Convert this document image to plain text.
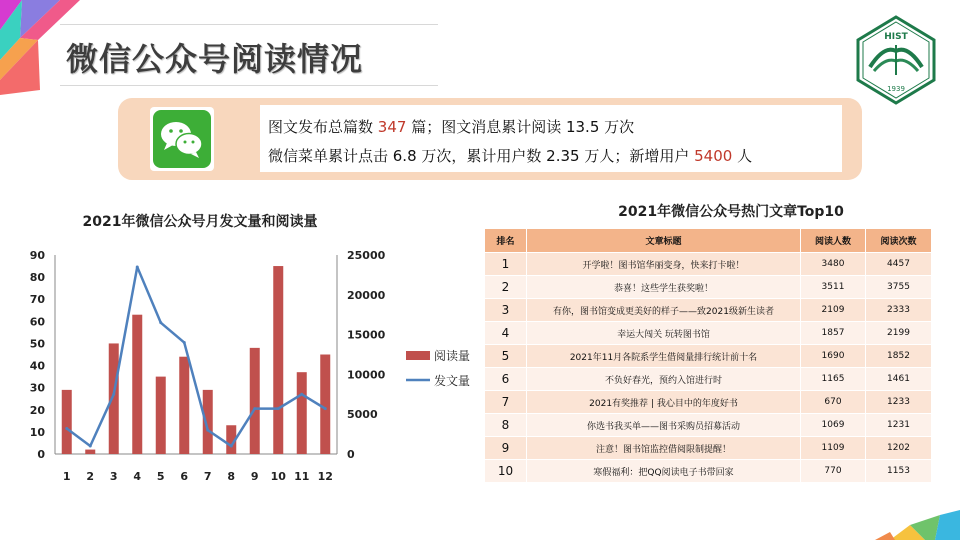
微信公众号阅读情况
HIST
1939
图文发布总篇数 347 篇；图文消息累计阅读 13.5 万次
微信菜单累计点击 6.8 万次，累计用户数 2.35 万人；新增用户 5400 人
2021年微信公众号月发文量和阅读量
0
10
20
30
40
50
60
70
80
90
0
5000
10000
15000
20000
25000
1 2 3 4 5 6 7 8 9 10 11 12
阅读量
发文量
2021年微信公众号热门文章Top10
排名	文章标题	阅读人数	阅读次数
1	开学啦！图书馆华丽变身，快来打卡啦！	3480	4457
2	恭喜！这些学生获奖啦！	3511	3755
3	有你，图书馆变成更美好的样子——致2021级新生读者	2109	2333
4	幸运大闯关 玩转图书馆	1857	2199
5	2021年11月各院系学生借阅量排行统计前十名	1690	1852
6	不负好春光，预约入馆进行时	1165	1461
7	2021有奖推荐 | 我心目中的年度好书	670	1233
8	你选书我买单——图书采购员招募活动	1069	1231
9	注意！图书馆监控借阅限制提醒！	1109	1202
10	寒假福利：把QQ阅读电子书带回家	770	1153
